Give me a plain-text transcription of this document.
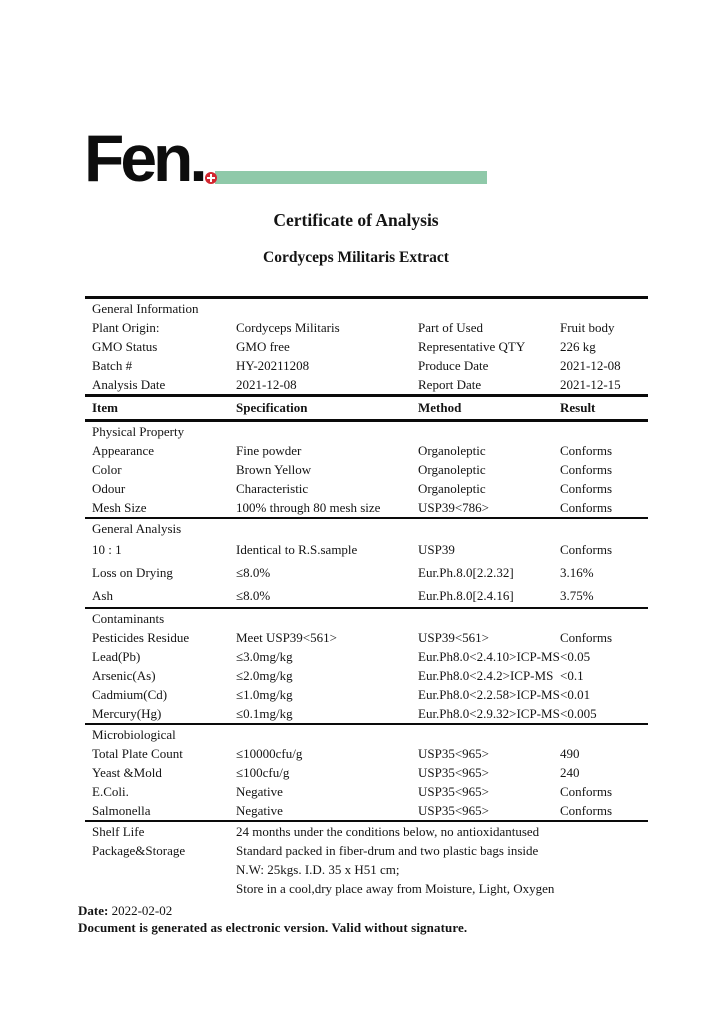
Fen.
Certificate of Analysis
Cordyceps Militaris Extract
General Information			
Plant Origin:	Cordyceps Militaris	Part of Used	Fruit body
GMO Status	GMO free	Representative QTY	226 kg
Batch #	HY-20211208	Produce Date	2021-12-08
Analysis Date	2021-12-08	Report Date	2021-12-15
Item	Specification	Method	Result
Physical Property			
Appearance	Fine powder	Organoleptic	Conforms
Color	Brown Yellow	Organoleptic	Conforms
Odour	Characteristic	Organoleptic	Conforms
Mesh Size	100% through 80 mesh size	USP39<786>	Conforms
General Analysis			
10 : 1	Identical to R.S.sample	USP39	Conforms
Loss on Drying	≤8.0%	Eur.Ph.8.0[2.2.32]	3.16%
Ash	≤8.0%	Eur.Ph.8.0[2.4.16]	3.75%
Contaminants			
Pesticides Residue	Meet USP39<561>	USP39<561>	Conforms
Lead(Pb)	≤3.0mg/kg	Eur.Ph8.0<2.4.10>ICP-MS	<0.05
Arsenic(As)	≤2.0mg/kg	Eur.Ph8.0<2.4.2>ICP-MS	<0.1
Cadmium(Cd)	≤1.0mg/kg	Eur.Ph8.0<2.2.58>ICP-MS	<0.01
Mercury(Hg)	≤0.1mg/kg	Eur.Ph8.0<2.9.32>ICP-MS	<0.005
Microbiological			
Total Plate Count	≤10000cfu/g	USP35<965>	490
Yeast &Mold	≤100cfu/g	USP35<965>	240
E.Coli.	Negative	USP35<965>	Conforms
Salmonella	Negative	USP35<965>	Conforms
Shelf Life	24 months under the conditions below, no antioxidantused		
Package&Storage	Standard packed in fiber-drum and two plastic bags inside		
	N.W: 25kgs. I.D. 35 x H51 cm;		
	Store in a cool,dry place away from Moisture, Light, Oxygen		
Date: 2022-02-02
Document is generated as electronic version. Valid without signature.
